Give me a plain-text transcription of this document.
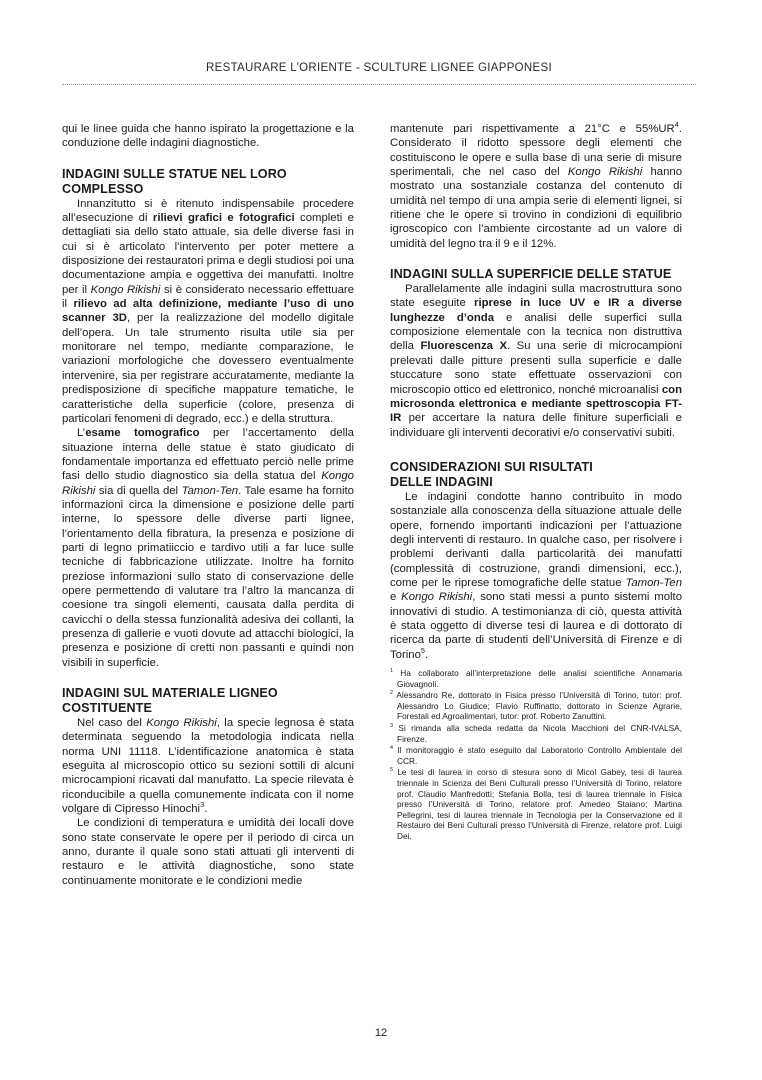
RESTAURARE L’ORIENTE - SCULTURE LIGNEE GIAPPONESI

qui le linee guida che hanno ispirato la progettazione e la conduzione delle indagini diagnostiche.

INDAGINI SULLE STATUE NEL LORO COMPLESSO

Innanzitutto si è ritenuto indispensabile procedere all’esecuzione di rilievi grafici e fotografici completi e dettagliati sia dello stato attuale, sia delle diverse fasi in cui si è articolato l’intervento per poter mettere a disposizione dei restauratori prima e degli studiosi poi una documentazione ampia e oggettiva dei manufatti. Inoltre per il Kongo Rikishi si è considerato necessario effettuare il rilievo ad alta definizione, mediante l’uso di uno scanner 3D, per la realizzazione del modello digitale dell’opera. Un tale strumento risulta utile sia per monitorare nel tempo, mediante comparazione, le variazioni morfologiche che dovessero eventualmente intervenire, sia per registrare accuratamente, mediante la predisposizione di specifiche mappature tematiche, le caratteristiche della superficie (colore, presenza di particolari fenomeni di degrado, ecc.) e della struttura.

L’esame tomografico per l’accertamento della situazione interna delle statue è stato giudicato di fondamentale importanza ed effettuato perciò nelle prime fasi dello studio diagnostico sia della statua del Kongo Rikishi sia di quella del Tamon-Ten. Tale esame ha fornito informazioni circa la dimensione e posizione delle parti interne, lo spessore delle diverse parti lignee, l’orientamento della fibratura, la presenza e posizione di parti di legno primatiiccio e tardivo utili a far luce sulle tecniche di fabbricazione utilizzate. Inoltre ha fornito preziose informazioni sullo stato di conservazione delle opere permettendo di valutare tra l’altro la mancanza di coesione tra singoli elementi, causata dalla perdita di cavicchi o della stessa funzionalità adesiva dei collanti, la presenza di gallerie e vuoti dovute ad attacchi biologici, la presenza e posizione di cretti non passanti e quindi non visibili in superficie.

INDAGINI SUL MATERIALE LIGNEO COSTITUENTE

Nel caso del Kongo Rikishi, la specie legnosa è stata determinata seguendo la metodologia indicata nella norma UNI 11118. L’identificazione anatomica è stata eseguita al microscopio ottico su sezioni sottili di alcuni microcampioni ricavati dal manufatto. La specie rilevata è riconducibile a quella comunemente indicata con il nome volgare di Cipresso Hinochi$^3$.

Le condizioni di temperatura e umidità dei locali dove sono state conservate le opere per il periodo di circa un anno, durante il quale sono stati attuati gli interventi di restauro e le attività diagnostiche, sono state continuamente monitorate e le condizioni medie

mantenute pari rispettivamente a 21°C e $55\%UR^4$. Considerato il ridotto spessore degli elementi che costituiscono le opere e sulla base di una serie di misure sperimentali, che nel caso del Kongo Rikishi hanno mostrato una sostanziale costanza del contenuto di umidità nel tempo di una ampia serie di elementi lignei, si ritiene che le opere si trovino in condizioni di equilibrio igroscopico con l’ambiente circostante ad un valore di umidità del legno tra il 9 e il 12%.

INDAGINI SULLA SUPERFICIE DELLE STATUE

Parallelamente alle indagini sulla macrostruttura sono state eseguite riprese in luce UV e IR a diverse lunghezze d’onda e analisi delle superfici sulla composizione elementale con la tecnica non distruttiva della Fluorescenza X. Su una serie di microcampioni prelevati dalle pitture presenti sulla superficie e dalle stuccature sono state effettuate osservazioni con microscopio ottico ed elettronico, nonché microanalisi con microsonda elettronica e mediante spettroscopia FT-IR per accertare la natura delle finiture superficiali e individuare gli interventi decorativi e/o conservativi subiti.

CONSIDERAZIONI SUI RISULTATI
DELLE INDAGINI

Le indagini condotte hanno contribuito in modo sostanziale alla conoscenza della situazione attuale delle opere, fornendo importanti indicazioni per l’attuazione degli interventi di restauro. In qualche caso, per risolvere i problemi derivanti dalla particolarità dei manufatti (complessità di costruzione, grandi dimensioni, ecc.), come per le riprese tomografiche delle statue Tamon-Ten e Kongo Rikishi, sono stati messi a punto sistemi molto innovativi di studio. A testimonianza di ciò, questa attività è stata oggetto di diverse tesi di laurea e di dottorato di ricerca da parte di studenti dell’Università di Firenze e di Torino$^5$.

$^1$ Ha collaborato all’interpretazione delle analisi scientifiche Annamaria Giovagnoli.

$^2$ Alessandro Re, dottorato in Fisica presso l’Università di Torino, tutor: prof. Alessandro Lo Giudice; Flavio Ruffinatto, dottorato in Scienze Agrarie, Forestali ed Agroalimentari, tutor: prof. Roberto Zanuttini.

$^3$ Si rimanda alla scheda redatta da Nicola Macchioni del CNR-IVALSA, Firenze.

$^4$ Il monitoraggio è stato eseguito dal Laboratorio Controllo Ambientale del CCR.

$^5$ Le tesi di laurea in corso di stesura sono di Micol Gabey, tesi di laurea triennale in Scienza dei Beni Culturali presso l’Università di Torino, relatore prof. Claudio Manfredotti; Stefania Bolla, tesi di laurea triennale in Fisica presso l’Università di Torino, relatore prof. Amedeo Staiano; Martina Pellegrini, tesi di laurea triennale in Tecnologia per la Conservazione ed il Restauro dei Beni Culturali presso l’Università di Firenze, relatore prof. Luigi Dei.

12
